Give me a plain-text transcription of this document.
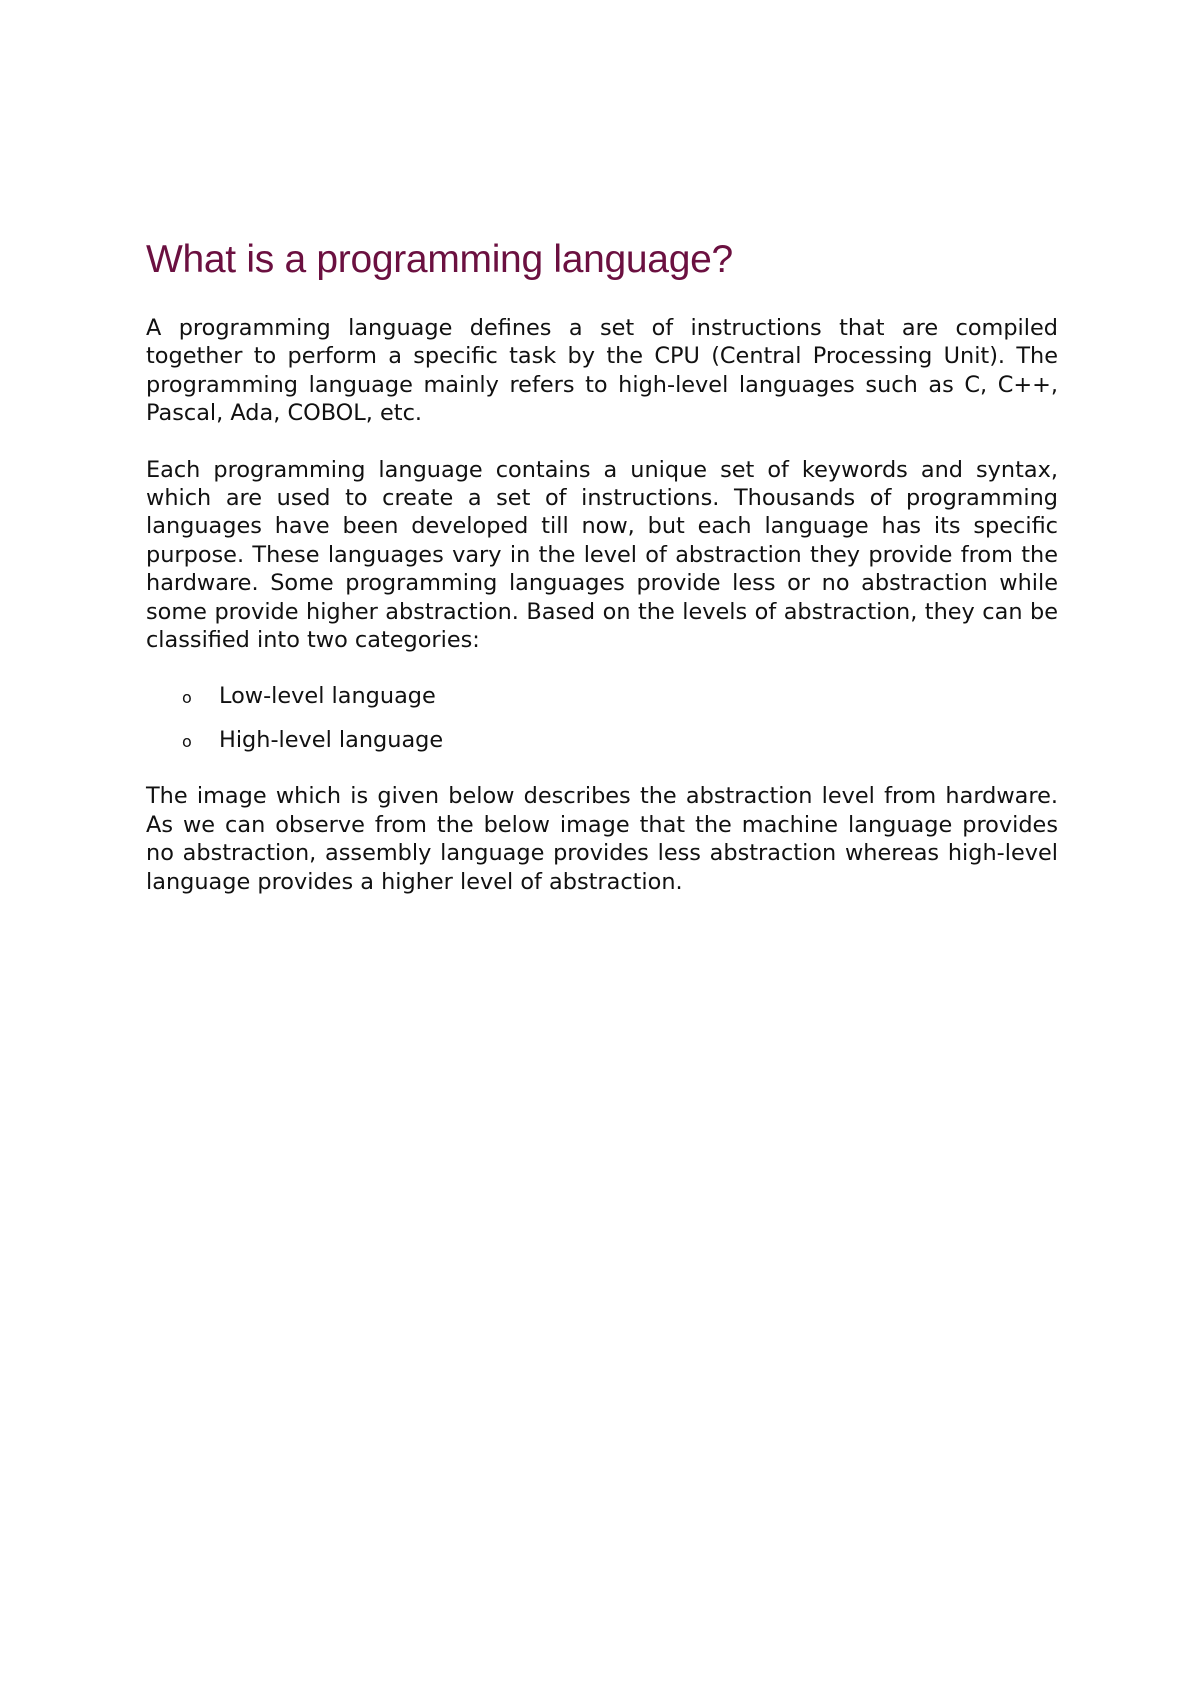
What is a programming language?

A programming language defines a set of instructions that are compiled together to perform a specific task by the CPU (Central Processing Unit). The programming language mainly refers to high-level languages such as C, C++, Pascal, Ada, COBOL, etc.

Each programming language contains a unique set of keywords and syntax, which are used to create a set of instructions. Thousands of programming languages have been developed till now, but each language has its specific purpose. These languages vary in the level of abstraction they provide from the hardware. Some programming languages provide less or no abstraction while some provide higher abstraction. Based on the levels of abstraction, they can be classified into two categories:

o Low-level language
o High-level language

The image which is given below describes the abstraction level from hardware. As we can observe from the below image that the machine language provides no abstraction, assembly language provides less abstraction whereas high-level language provides a higher level of abstraction.
